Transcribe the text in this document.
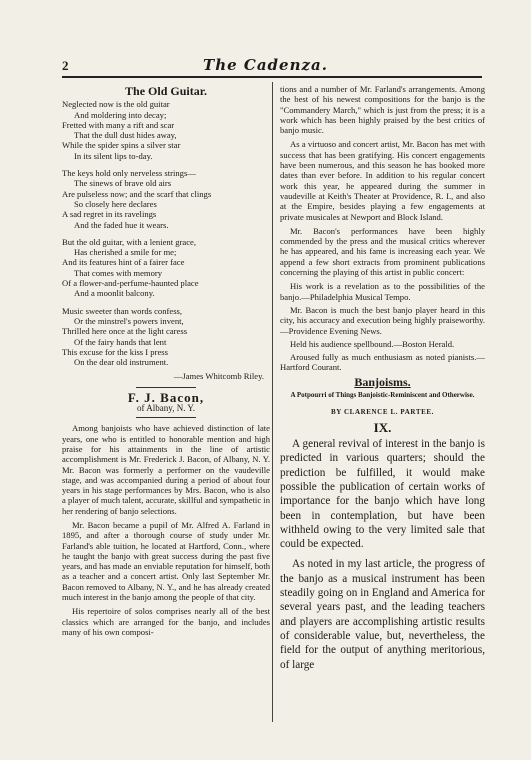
2	The Cadenza.
The Old Guitar.
Neglected now is the old guitar
And moldering into decay;
Fretted with many a rift and scar
That the dull dust hides away,
While the spider spins a silver star
In its silent lips to-day.
The keys hold only nerveless strings—
The sinews of brave old airs
Are pulseless now; and the scarf that clings
So closely here declares
A sad regret in its ravelings
And the faded hue it wears.
But the old guitar, with a lenient grace,
Has cherished a smile for me;
And its features hint of a fairer face
That comes with memory
Of a flower-and-perfume-haunted place
And a moonlit balcony.
Music sweeter than words confess,
Or the minstrel's powers invent,
Thrilled here once at the light caress
Of the fairy hands that lent
This excuse for the kiss I press
On the dear old instrument.
—James Whitcomb Riley.
F. J. Bacon,
of Albany, N. Y.

Among banjoists who have achieved distinction of late years, one who is entitled to honorable mention and high praise for his attainments in the line of artistic accomplishment is Mr. Frederick J. Bacon, of Albany, N. Y. Mr. Bacon was formerly a performer on the vaudeville stage, and was accompanied during a period of about four years in his stage performances by Mrs. Bacon, who is also a player of much talent, accurate, skillful and sympathetic in her rendering of banjo selections.

Mr. Bacon became a pupil of Mr. Alfred A. Farland in 1895, and after a thorough course of study under Mr. Farland's able tuition, he located at Hartford, Conn., where he taught the banjo with great success during the past five years, and has made an enviable reputation for himself, both as a teacher and a concert artist. Only last September Mr. Bacon removed to Albany, N. Y., and he has already created much interest in the banjo among the people of that city.

His repertoire of solos comprises nearly all of the best classics which are arranged for the banjo, and includes many of his own composi-

tions and a number of Mr. Farland's arrangements. Among the best of his newest compositions for the banjo is the "Commandery March," which is just from the press; it is a work which has been highly praised by the best critics of banjo music.

As a virtuoso and concert artist, Mr. Bacon has met with success that has been gratifying. His concert engagements have been numerous, and this season he has booked more dates than ever before. In addition to his regular concert work this year, he appeared during the summer in vaudeville at Keith's Theater at Providence, R. I., and also at the Empire, besides playing a few engagements at private musicales at Newport and Block Island.

Mr. Bacon's performances have been highly commended by the press and the musical critics wherever he has appeared, and his fame is increasing each year. We append a few short extracts from prominent publications concerning the playing of this artist in public concert:

His work is a revelation as to the possibilities of the banjo.—Philadelphia Musical Tempo.
Mr. Bacon is much the best banjo player heard in this city, his accuracy and execution being highly praiseworthy.—Providence Evening News.
Held his audience spellbound.—Boston Herald.
Aroused fully as much enthusiasm as noted pianists.—Hartford Courant.
Banjoisms.
A Potpourri of Things Banjoistic-Reminiscent and Otherwise.
BY CLARENCE L. PARTEE.
IX.

A general revival of interest in the banjo is predicted in various quarters; should the prediction be fulfilled, it would make possible the publication of certain works of importance for the banjo which have long been in contemplation, but have been withheld owing to the very limited sale that could be expected.

As noted in my last article, the progress of the banjo as a musical instrument has been steadily going on in England and America for several years past, and the leading teachers and players are accomplishing artistic results of considerable value, but, nevertheless, the field for the output of anything meritorious, of large
